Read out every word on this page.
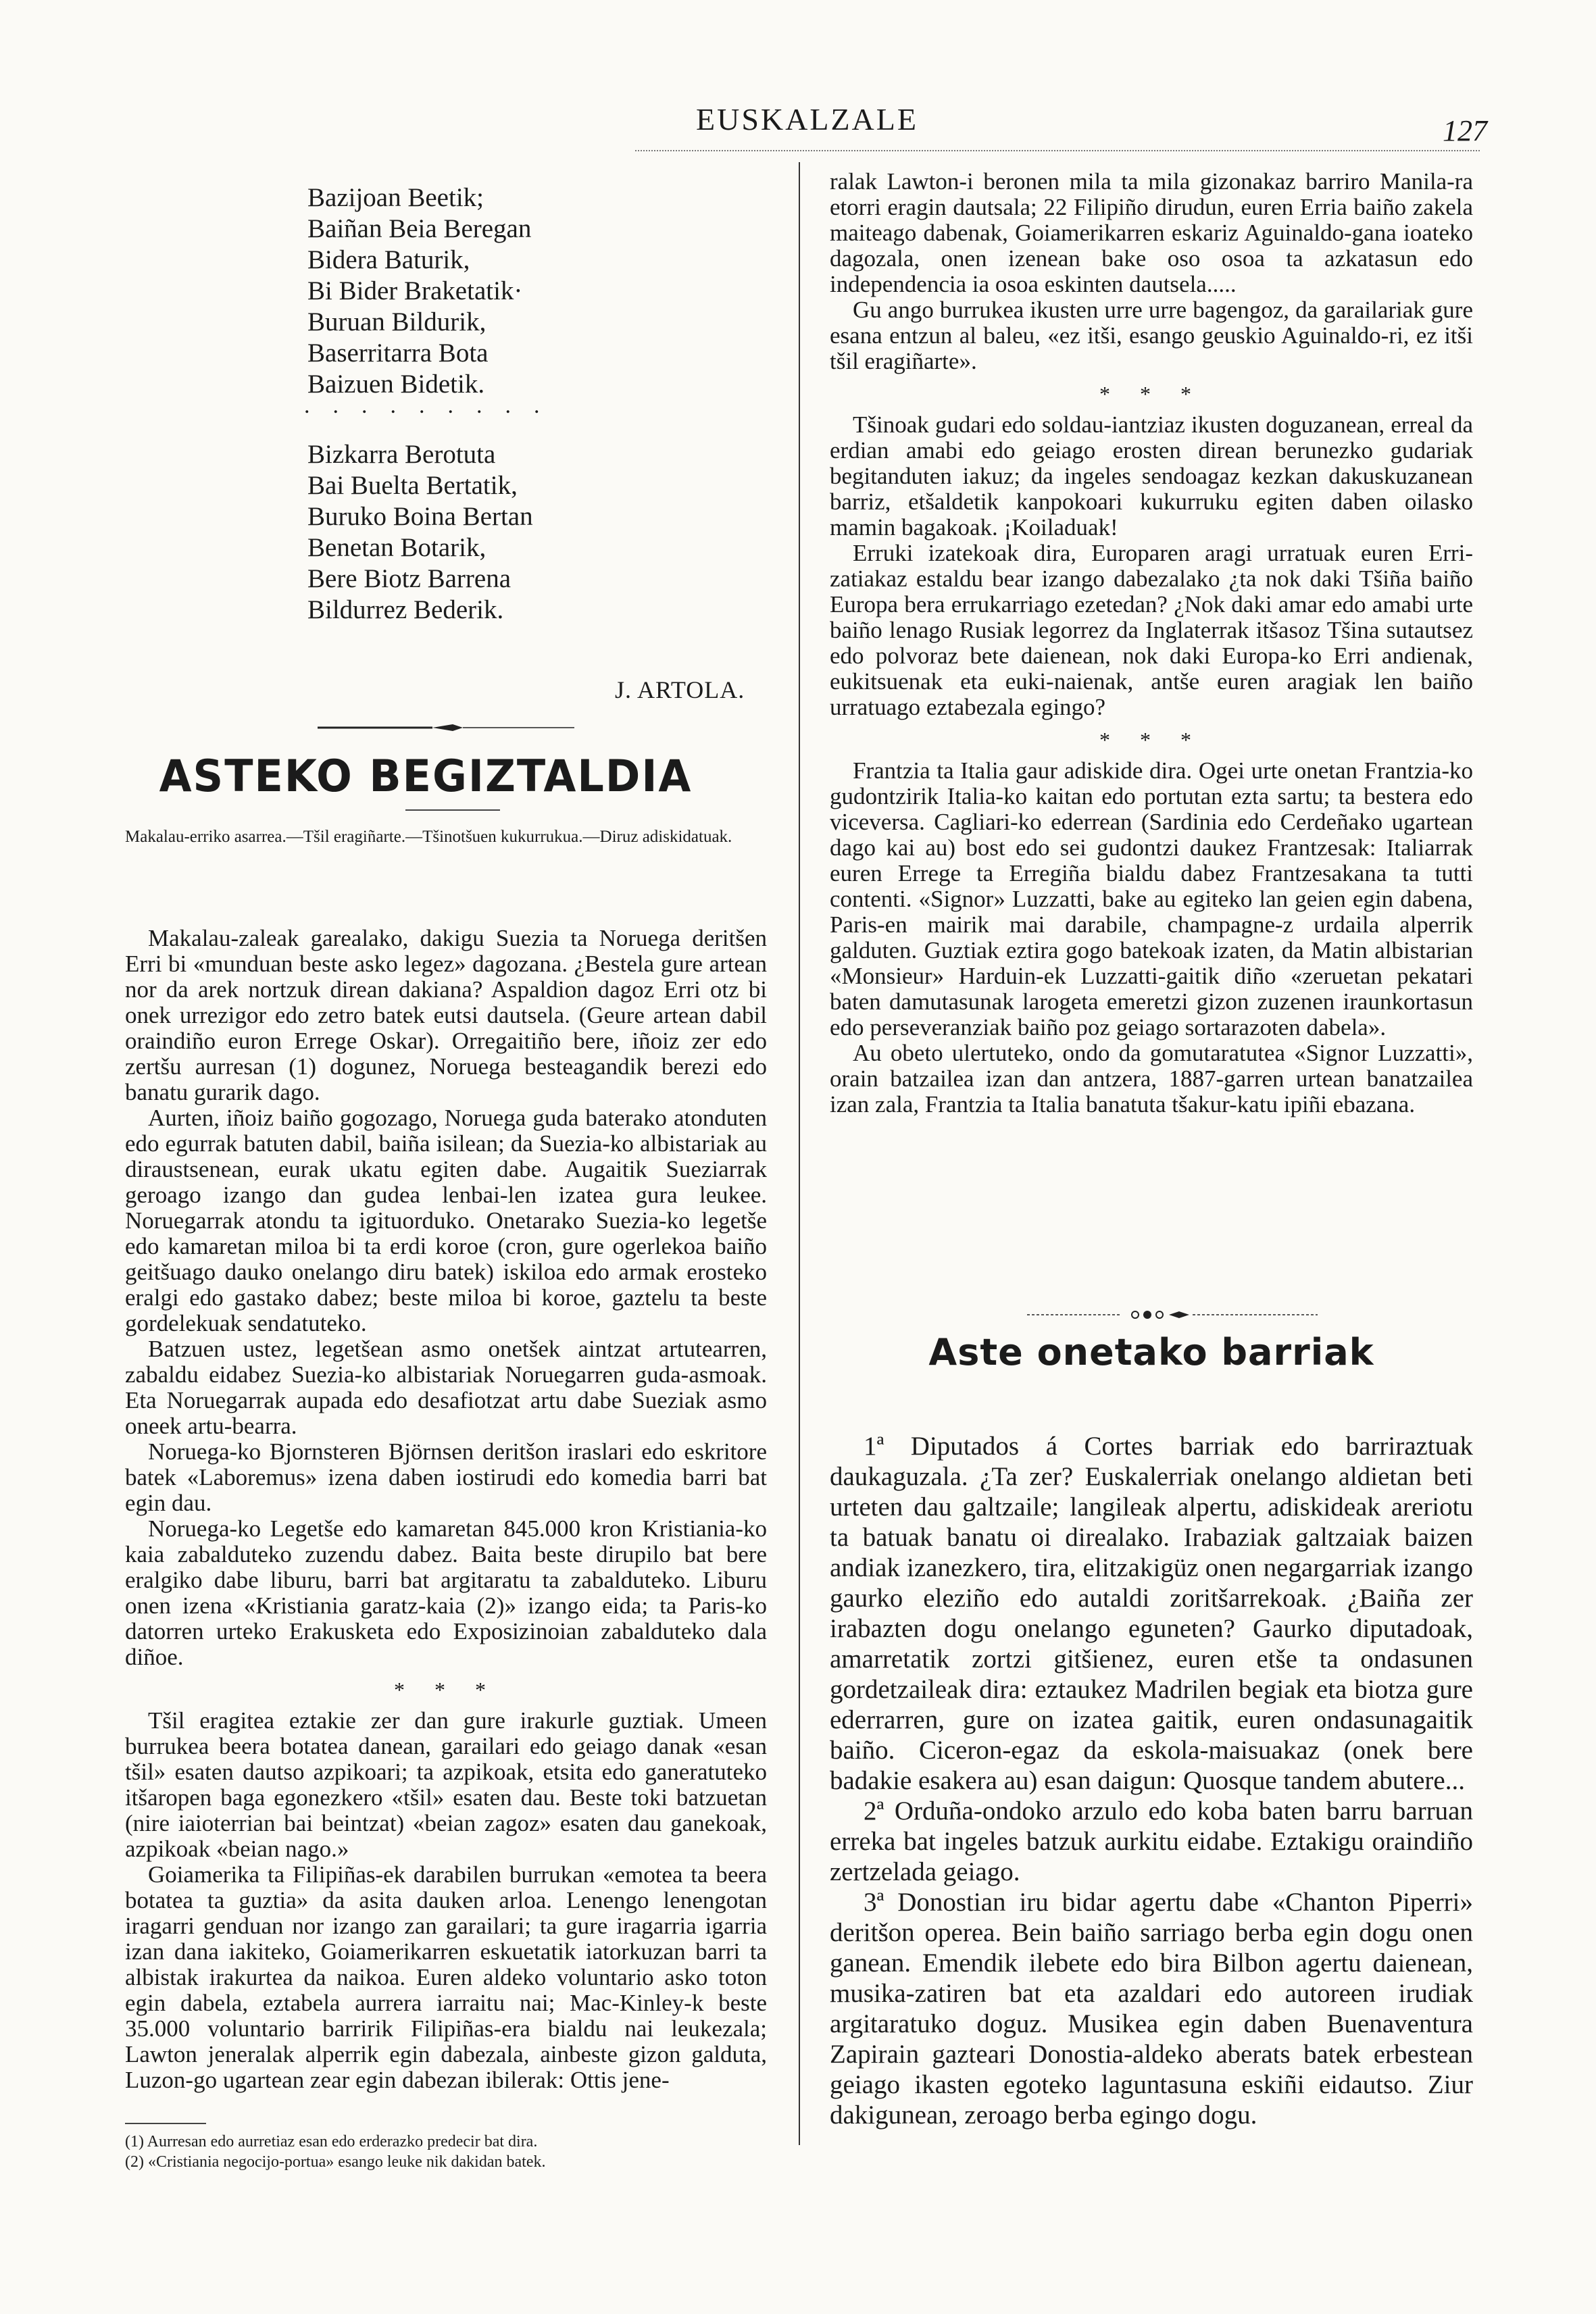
EUSKALZALE	127
Bazijoan Beetik;
Baiñan Beia Beregan
Bidera Baturik,
Bi Bider Braketatik·
Buruan Bildurik,
Baserritarra Bota
Baizuen Bidetik.
.........
Bizkarra Berotuta
Bai Buelta Bertatik,
Buruko Boina Bertan
Benetan Botarik,
Bere Biotz Barrena
Bildurrez Bederik.
J. ARTOLA.
ASTEKO BEGIZTALDIA
Makalau-erriko asarrea.—Tšil eragiñarte.—Tšinotšuen kukurrukua.—Diruz adiskidatuak.

Makalau-zaleak garealako, dakigu Suezia ta Noruega deritšen Erri bi «munduan beste asko legez» dagozana. ¿Bestela gure artean nor da arek nortzuk direan dakiana? Aspaldion dagoz Erri otz bi onek urrezigor edo zetro batek eutsi dautsela. (Geure artean dabil oraindiño euron Erregе Oskar). Orregaitiño bere, iñoiz zer edo zertšu aurresan (1) dogunez, Noruega besteagandik berezi edo banatu gurarik dago.

Aurten, iñoiz baiño gogozago, Noruega guda baterako atonduten edo egurrak batuten dabil, baiña isilean; da Suezia-ko albistariak au diraustsenean, eurak ukatu egiten dabe. Augaitik Sueziarrak geroago izango dan gudea lenbai-len izatea gura leukee. Noruegarrak atondu ta igituorduko. Onetarako Suezia-ko legetše edo kamaretan miloa bi ta erdi koroe (cron, gure ogerlekoa baiño geitšuago dauko onelango diru batek) iskiloa edo armak erosteko eralgi edo gastako dabez; beste miloa bi koroe, gaztelu ta beste gordelekuak sendatuteko.

Batzuen ustez, legetšean asmo onetšek aintzat artutearren, zabaldu eidabez Suezia-ko albistariak Noruegarren guda-asmoak. Eta Noruegarrak aupada edo desafiotzat artu dabe Sueziak asmo oneek artu-bearra.

Noruega-ko Bjornsteren Björnsen deritšon iraslari edo eskritore batek «Laboremus» izena daben iostirudi edo komedia barri bat egin dau.

Noruega-ko Legetše edo kamaretan 845.000 kron Kristiania-ko kaia zabalduteko zuzendu dabez. Baita beste dirupilo bat bere eralgiko dabe liburu, barri bat argitaratu ta zabalduteko. Liburu onen izena «Kristiania garatz-kaia (2)» izango eida; ta Paris-ko datorren urteko Erakusketa edo Exposizinoian zabalduteko dala diñoe.

* * *

Tšil eragitea eztakie zer dan gure irakurle guztiak. Umeen burrukea beera botatea danean, garailari edo geiago danak «esan tšil» esaten dautso azpikoari; ta azpikoak, etsita edo ganeratuteko itšaropen baga egonezkero «tšil» esaten dau. Beste toki batzuetan (nire iaioterrian bai beintzat) «beian zagoz» esaten dau ganekoak, azpikoak «beian nago.»

Goiamerika ta Filipiñas-ek darabilen burrukan «emotea ta beera botatea ta guztia» da asita dauken arloa. Lenengo lenengotan iragarri genduan nor izango zan garailari; ta gure iragarria igarria izan dana iakiteko, Goiamerikarren eskuetatik iatorkuzan barri ta albistak irakurtea da naikoa. Euren aldeko voluntario asko toton egin dabela, eztabela aurrera iarraitu nai; Mac-Kinley-k beste 35.000 voluntario barririk Filipiñas-era bialdu nai leukezala; Lawton jeneralak alperrik egin dabezala, ainbeste gizon galduta, Luzon-go ugartean zear egin dabezan ibilerak: Ottis jene-

(1) Aurresan edo aurretiaz esan edo erderazko predecir bat dira.

(2) «Cristiania negocijo-portua» esango leuke nik dakidan batek.

ralak Lawton-i beronen mila ta mila gizonakaz barriro Manila-ra etorri eragin dautsala; 22 Filipiño dirudun, euren Erria baiño zakela maiteago dabenak, Goiamerikarren eskariz Aguinaldo-gana ioateko dagozala, onen izenean bake oso osoa ta azkatasun edo independencia ia osoa eskinten dautsela.....

Gu ango burrukea ikusten urre urre bagengoz, da garailariak gure esana entzun al baleu, «ez itši, esango geuskio Aguinaldo-ri, ez itši tšil eragiñarte».

* * *

Tšinoak gudari edo soldau-iantziaz ikusten doguzanean, erreal da erdian amabi edo geiago erosten direan berunezko gudariak begitanduten iakuz; da ingeles sendoagaz kezkan dakuskuzanean barriz, etšaldetik kanpokoari kukurruku egiten daben oilasko mamin bagakoak. ¡Koiladuak!

Erruki izatekoak dira, Europaren aragi urratuak euren Erri-zatiakaz estaldu bear izango dabezalako ¿ta nok daki Tšiña baiño Europa bera errukarriago ezetedan? ¿Nok daki amar edo amabi urte baiño lenago Rusiak legorrez da Inglaterrak itšasoz Tšina sutautsez edo polvoraz bete daienean, nok daki Europa-ko Erri andienak, eukitsuenak eta euki-naienak, antše euren aragiak len baiño urratuago eztabezala egingo?

* * *

Frantzia ta Italia gaur adiskide dira. Ogei urte onetan Frantzia-ko gudontzirik Italia-ko kaitan edo portutan ezta sartu; ta bestera edo viceversa. Cagliari-ko ederrean (Sardinia edo Cerdeñako ugartean dago kai au) bost edo sei gudontzi daukez Frantzesak: Italiarrak euren Errege ta Erregiña bialdu dabez Frantzesakana ta tutti contenti. «Signor» Luzzatti, bake au egiteko lan geien egin dabena, Paris-en mairik mai darabile, champagne-z urdaila alperrik galduten. Guztiak eztira gogo batekoak izaten, da Matin albistarian «Monsieur» Harduin-ek Luzzatti-gaitik diño «zeruetan pekatari baten damutasunak larogeta emeretzi gizon zuzenen iraunkortasun edo perseveranziak baiño poz geiago sortarazoten dabela».

Au obeto ulertuteko, ondo da gomutaratutea «Signor Luzzatti», orain batzailea izan dan antzera, 1887-garren urtean banatzailea izan zala, Frantzia ta Italia banatuta tšakur-katu ipiñi ebazana.

Aste onetako barriak

1ª Diputados á Cortes barriak edo barriraztuak daukaguzala. ¿Ta zer? Euskalerriak onelango aldietan beti urteten dau galtzaile; langileak alpertu, adiskideak areriotu ta batuak banatu oi direalako. Irabaziak galtzaiak baizen andiak izanezkero, tira, elitzakigüz onen negargarriak izango gaurko eleziño edo autaldi zoritšarrekoak. ¿Baiña zer irabazten dogu onelango eguneten? Gaurko diputadoak, amarretatik zortzi gitšienez, euren etše ta ondasunen gordetzaileak dira: eztaukez Madrilen begiak eta biotza gure ederrarren, gure on izatea gaitik, euren ondasunagaitik baiño. Ciceron-egaz da eskola-maisuakaz (onek bere badakie esakera au) esan daigun: Quosque tandem abutere...

2ª Orduña-ondoko arzulo edo koba baten barru barruan erreka bat ingeles batzuk aurkitu eidabe. Eztakigu oraindiño zertzelada geiago.

3ª Donostian iru bidar agertu dabe «Chanton Piperri» deritšon operea. Bein baiño sarriago berba egin dogu onen ganean. Emendik ilebete edo bira Bilbon agertu daienean, musika-zatiren bat eta azaldari edo autoreen irudiak argitaratuko doguz. Musikea egin daben Buenaventura Zapirain gazteari Donostia-aldeko aberats batek erbestean geiago ikasten egoteko laguntasuna eskiñi eidautso. Ziur dakigunean, zeroago berba egingo dogu.
